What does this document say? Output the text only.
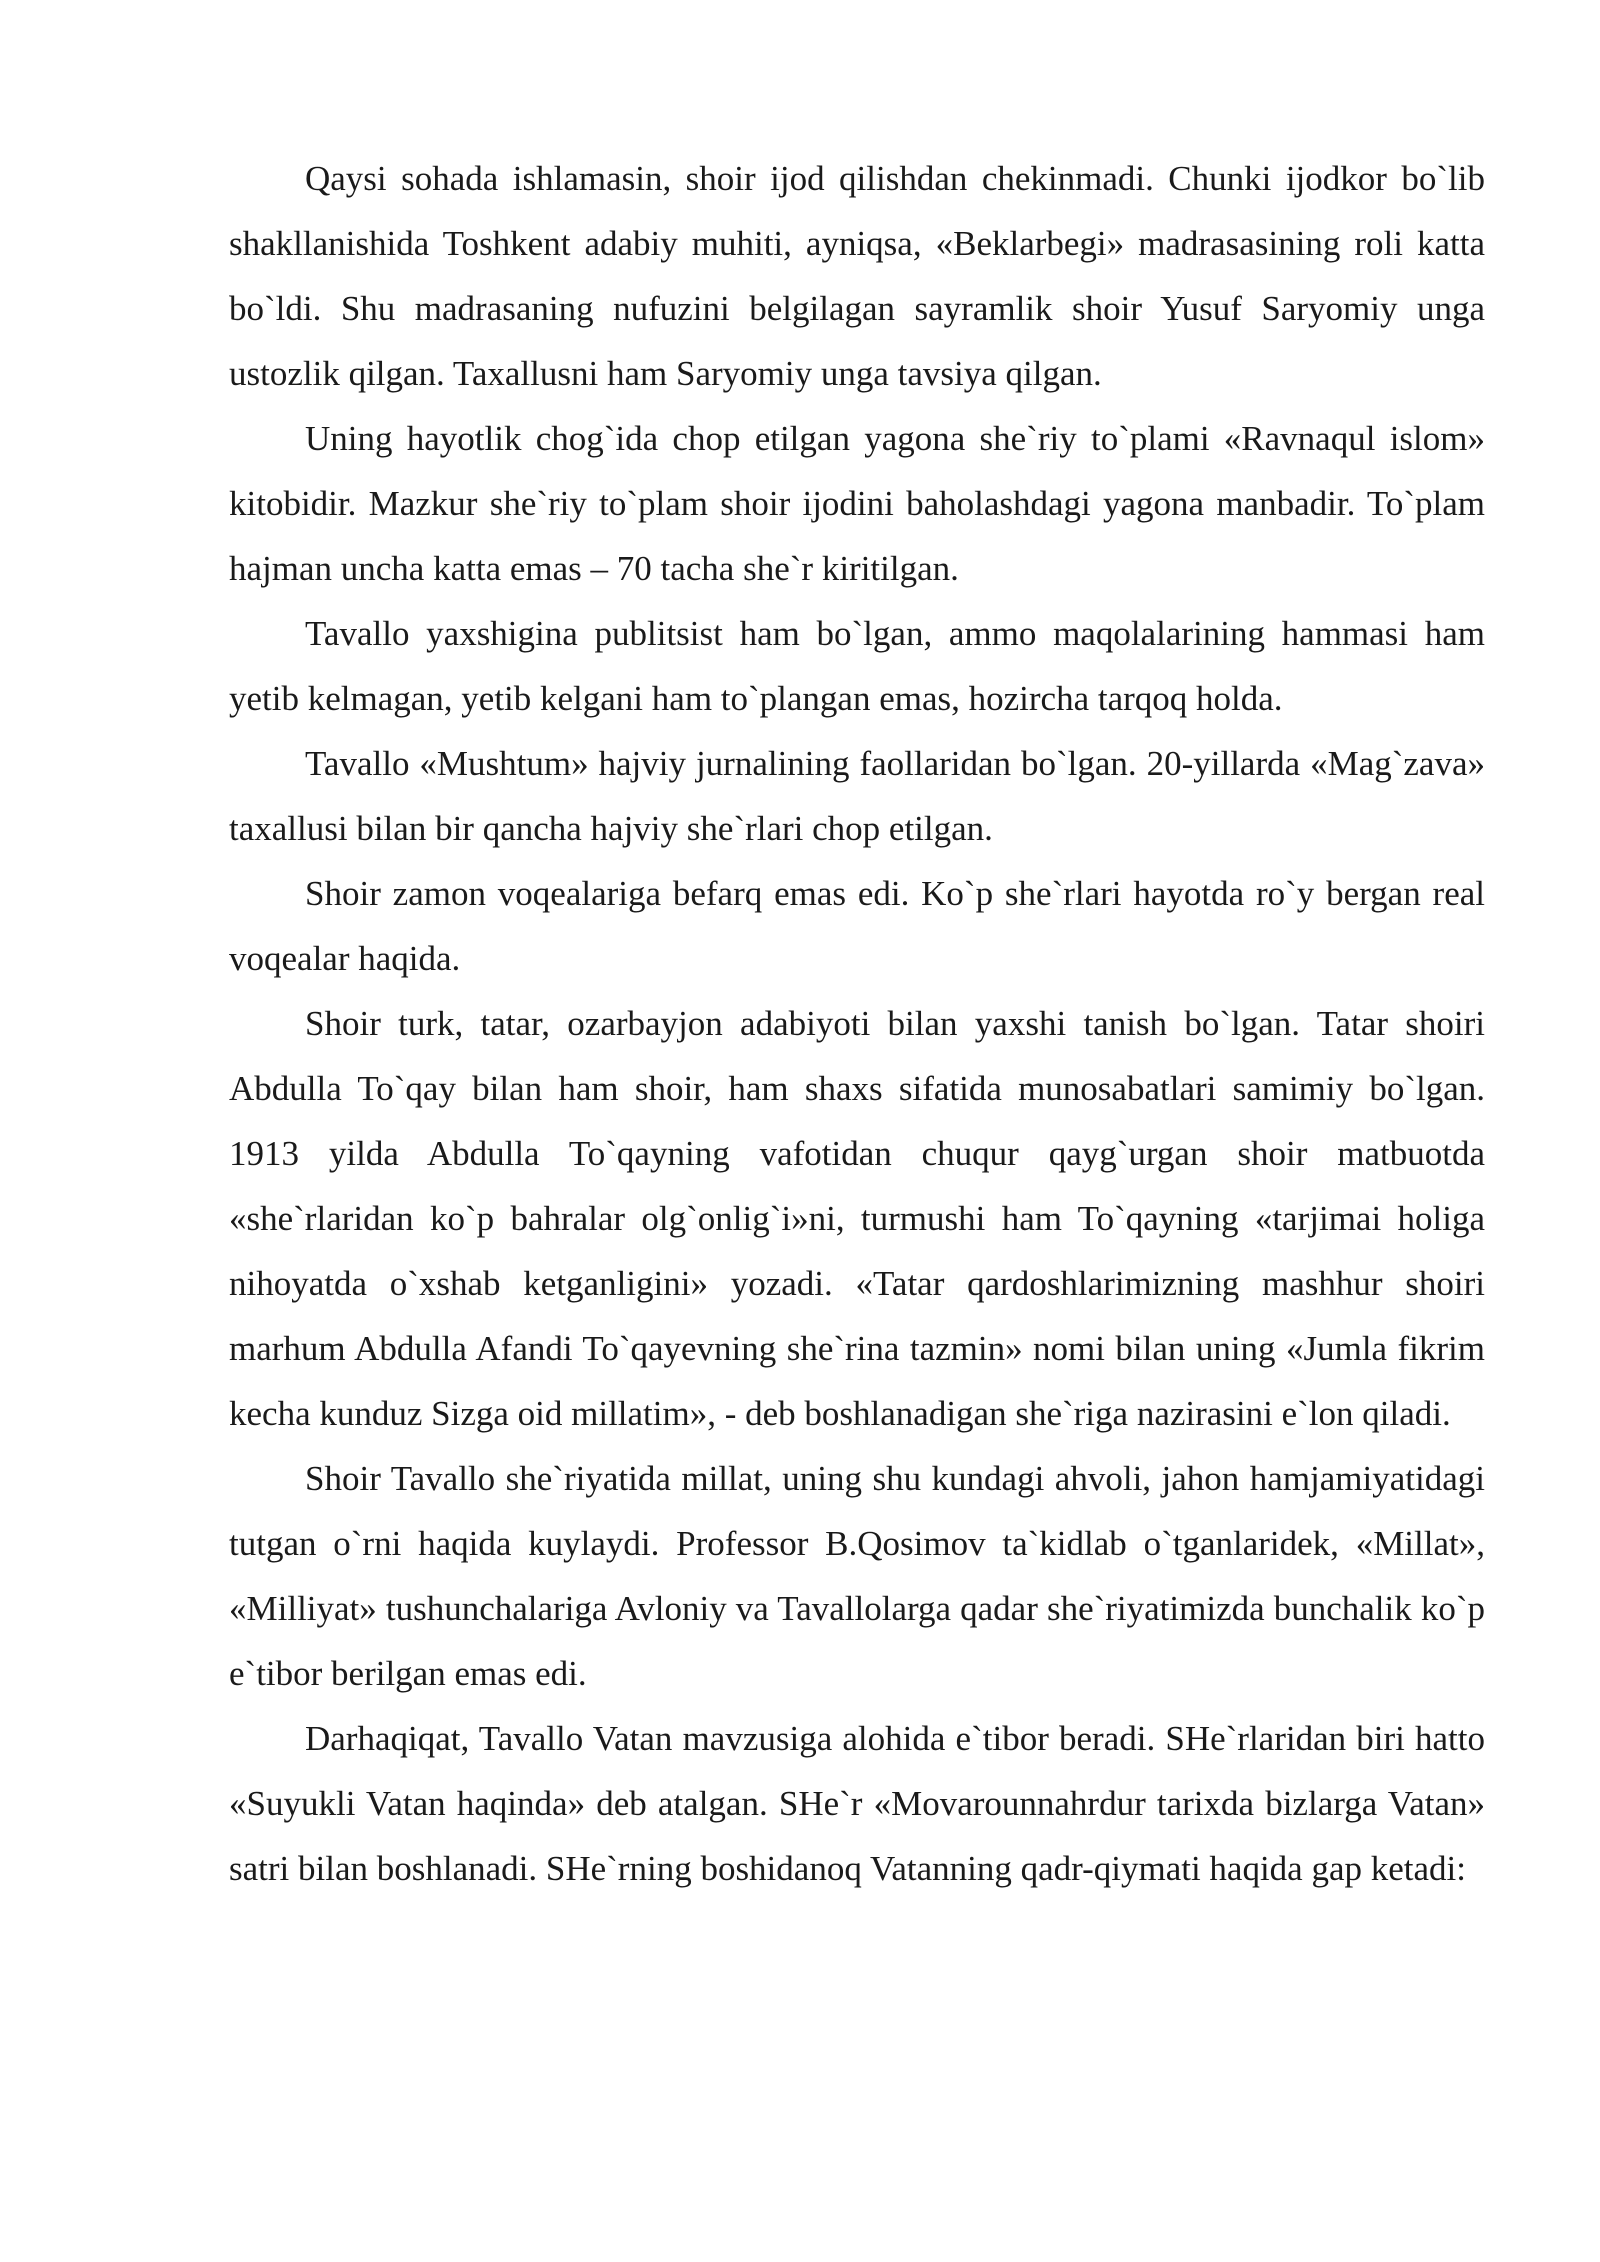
Qaysi sohada ishlamasin, shoir ijod qilishdan chekinmadi. Chunki ijodkor bo`lib shakllanishida Toshkent adabiy muhiti, ayniqsa, «Beklarbegi» madrasasining roli katta bo`ldi. Shu madrasaning nufuzini belgilagan sayramlik shoir Yusuf Saryomiy unga ustozlik qilgan. Taxallusni ham Saryomiy unga tavsiya qilgan.

Uning hayotlik chog`ida chop etilgan yagona she`riy to`plami «Ravnaqul islom» kitobidir. Mazkur she`riy to`plam shoir ijodini baholashdagi yagona manbadir. To`plam hajman uncha katta emas – 70 tacha she`r kiritilgan.

Tavallo yaxshigina publitsist ham bo`lgan, ammo maqolalarining hammasi ham yetib kelmagan, yetib kelgani ham to`plangan emas, hozircha tarqoq holda.

Tavallo «Mushtum» hajviy jurnalining faollaridan bo`lgan. 20-yillarda «Mag`zava» taxallusi bilan bir qancha hajviy she`rlari chop etilgan.

Shoir zamon voqealariga befarq emas edi. Ko`p she`rlari hayotda ro`y bergan real voqealar haqida.

Shoir turk, tatar, ozarbayjon adabiyoti bilan yaxshi tanish bo`lgan. Tatar shoiri Abdulla To`qay bilan ham shoir, ham shaxs sifatida munosabatlari samimiy bo`lgan. 1913 yilda Abdulla To`qayning vafotidan chuqur qayg`urgan shoir matbuotda «she`rlaridan ko`p bahralar olg`onlig`i»ni, turmushi ham To`qayning «tarjimai holiga nihoyatda o`xshab ketganligini» yozadi. «Tatar qardoshlarimizning mashhur shoiri marhum Abdulla Afandi To`qayevning she`rina tazmin» nomi bilan uning «Jumla fikrim kecha kunduz Sizga oid millatim», - deb boshlanadigan she`riga nazirasini e`lon qiladi.

Shoir Tavallo she`riyatida millat, uning shu kundagi ahvoli, jahon hamjamiyatidagi tutgan o`rni haqida kuylaydi. Professor B.Qosimov ta`kidlab o`tganlaridek, «Millat», «Milliyat» tushunchalariga Avloniy va Tavallolarga qadar she`riyatimizda bunchalik ko`p e`tibor berilgan emas edi.

Darhaqiqat, Tavallo Vatan mavzusiga alohida e`tibor beradi. SHe`rlaridan biri hatto «Suyukli Vatan haqinda» deb atalgan. SHe`r «Movarounnahrdur tarixda bizlarga Vatan» satri bilan boshlanadi. SHe`rning boshidanoq Vatanning qadr-qiymati haqida gap ketadi:
